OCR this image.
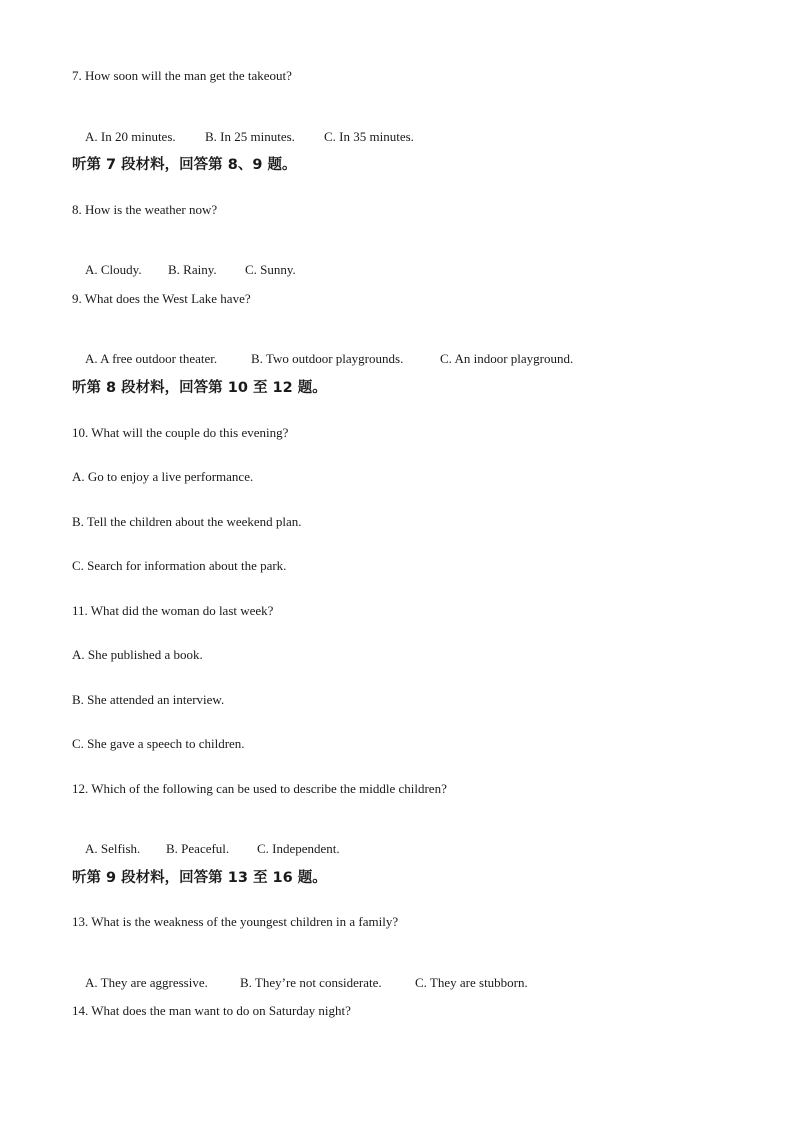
7. How soon will the man get the takeout?

A. In 20 minutes. B. In 25 minutes. C. In 35 minutes.

听第 7 段材料，回答第 8、9 题。
8. How is the weather now?

A. Cloudy. B. Rainy. C. Sunny.

9. What does the West Lake have?

A. A free outdoor theater.	B. Two outdoor playgrounds.	C. An indoor playground.

听第 8 段材料，回答第 10 至 12 题。
10. What will the couple do this evening?
A. Go to enjoy a live performance.
B. Tell the children about the weekend plan.
C. Search for information about the park.
11. What did the woman do last week?
A. She published a book.
B. She attended an interview.
C. She gave a speech to children.
12. Which of the following can be used to describe the middle children?

A. Selfish. B. Peaceful. C. Independent.

听第 9 段材料，回答第 13 至 16 题。
13. What is the weakness of the youngest children in a family?

A. They are aggressive. B. They’re not considerate.	C. They are stubborn.

14. What does the man want to do on Saturday night?
